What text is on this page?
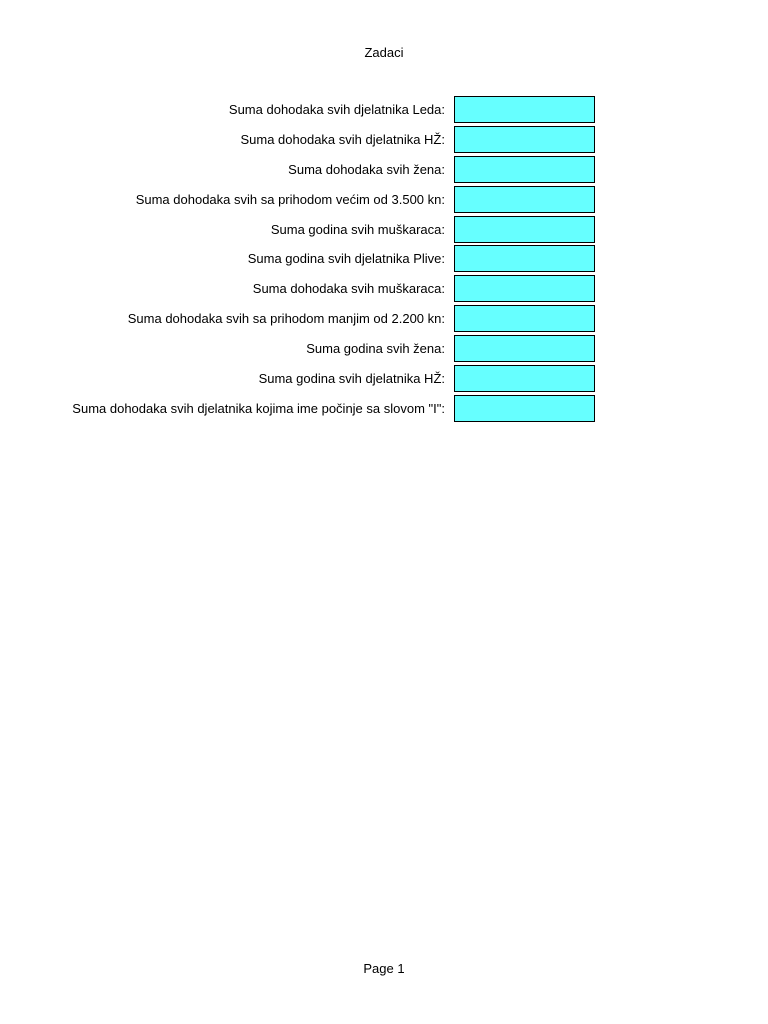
Zadaci
Suma dohodaka svih djelatnika Leda:
Suma dohodaka svih djelatnika HŽ:
Suma dohodaka svih žena:
Suma dohodaka svih sa prihodom većim od 3.500 kn:
Suma godina svih muškaraca:
Suma godina svih djelatnika Plive:
Suma dohodaka svih muškaraca:
Suma dohodaka svih sa prihodom manjim od 2.200 kn:
Suma godina svih žena:
Suma godina svih djelatnika HŽ:
Suma dohodaka svih djelatnika kojima ime počinje sa slovom "I":
Page 1
